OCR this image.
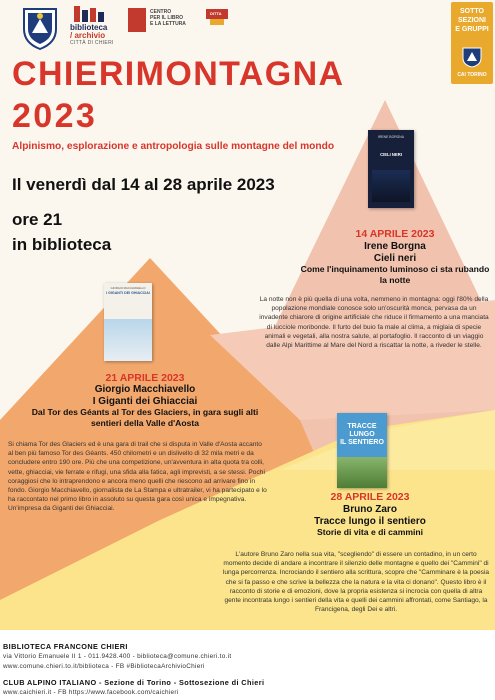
biblioteca
/ archivio
CITTÀ DI CHIERI
CENTRO
PER IL LIBRO
E LA LETTURA
DITTA	SOTTO
SEZIONI
E GRUPPI
CAI TORINO
CHIERIMONTAGNA
2023
Alpinismo, esplorazione e antropologia sulle montagne del mondo
Il venerdì dal 14 al 28 aprile 2023
ore 21
in biblioteca
IRENE BORGNA
CIELI NERI
14 APRILE 2023
Irene Borgna
Cieli neri
Come l'inquinamento luminoso ci sta rubando la notte
La notte non è più quella di una volta, nemmeno in montagna: oggi l'80% della popolazione mondiale conosce solo un'oscurità monca, pervasa da un invadente chiarore di origine artificiale che riduce il firmamento a una manciata di lucciole moribonde. Il furto del buio fa male al clima, a miglaia di specie animali e vegetali, alla nostra salute, al portafoglio. Il racconto di un viaggio dalle Alpi Marittime al Mare del Nord a riscattar la notte, a riveder le stelle.
GIORGIO MACCHIAVELLO
I GIGANTI DEI GHIACCIAI
21 APRILE 2023
Giorgio Macchiavello
I Giganti dei Ghiacciai
Dal Tor des Géants al Tor des Glaciers, in gara sugli alti sentieri della Valle d'Aosta
Si chiama Tor des Glaciers ed è una gara di trail che si disputa in Valle d'Aosta accanto al ben più famoso Tor des Géants. 450 chilometri e un dislivello di 32 mila metri e da concludere entro 190 ore. Più che una competizione, un'avventura in alta quota tra colli, vette, ghiacciai, vie ferrate e rifugi, una sfida alla fatica, agli imprevisti, a se stessi. Pochi coraggiosi che lo intraprendono e ancora meno quelli che riescono ad arrivare fino in fondo. Giorgio Macchiavello, giornalista de La Stampa e ultratrailer, vi ha partecipato e lo ha raccontato nel primo libro in assoluto su questa gara così unica e impegnativa. Un'impresa da Giganti dei Ghiacciai.
TRACCE LUNGO
IL SENTIERO
28 APRILE 2023
Bruno Zaro
Tracce lungo il sentiero
Storie di vita e di cammini
L'autore Bruno Zaro nella sua vita, "scegliendo" di essere un contadino, in un certo momento decide di andare a incontrare il silenzio delle montagne e quello dei "Cammini" di lunga percorrenza. Incrociando il sentiero alla scrittura, scopre che "Camminare è la poesia che si fa passo e che scrive la bellezza che la natura e la vita ci donano". Questo libro è il racconto di storie e di emozioni, dove la propria esistenza si incrocia con quella di altra gente incontrata lungo i sentieri della vita e quelli dei cammini affrontati, come Santiago, la Francigena, degli Dei e altri.
BIBLIOTECA FRANCONE CHIERI
via Vittorio Emanuele II 1 - 011.9428.400 - biblioteca@comune.chieri.to.it
www.comune.chieri.to.it/biblioteca - FB #BibliotecaArchivioChieri
CLUB ALPINO ITALIANO - Sezione di Torino - Sottosezione di Chieri
www.caichieri.it - FB https://www.facebook.com/caichieri
